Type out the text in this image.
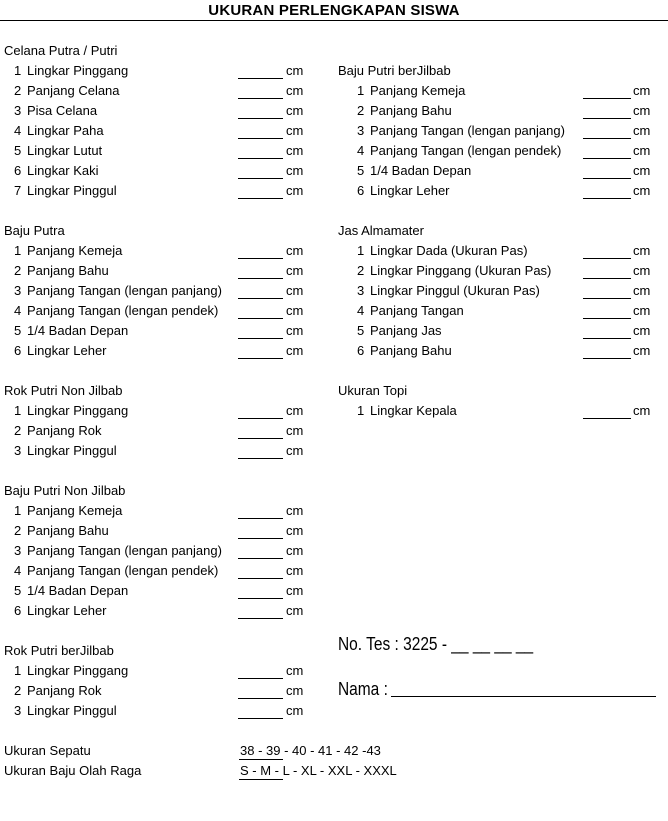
UKURAN PERLENGKAPAN SISWA
Celana Putra / Putri
1 Lingkar Pinggang	cm
2 Panjang Celana	cm
3 Pisa Celana	cm
4 Lingkar Paha	cm
5 Lingkar Lutut	cm
6 Lingkar Kaki	cm
7 Lingkar Pinggul	cm
Baju Putra
1 Panjang Kemeja	cm
2 Panjang Bahu	cm
3 Panjang Tangan (lengan panjang)	cm
4 Panjang Tangan (lengan pendek)	cm
5 1/4 Badan Depan	cm
6 Lingkar Leher	cm
Rok Putri Non Jilbab
1 Lingkar Pinggang	cm
2 Panjang Rok	cm
3 Lingkar Pinggul	cm
Baju Putri Non Jilbab
1 Panjang Kemeja	cm
2 Panjang Bahu	cm
3 Panjang Tangan (lengan panjang)	cm
4 Panjang Tangan (lengan pendek)	cm
5 1/4 Badan Depan	cm
6 Lingkar Leher	cm
Rok Putri berJilbab
1 Lingkar Pinggang	cm
2 Panjang Rok	cm
3 Lingkar Pinggul	cm
Baju Putri berJilbab
1 Panjang Kemeja	cm
2 Panjang Bahu	cm
3 Panjang Tangan (lengan panjang)	cm
4 Panjang Tangan (lengan pendek)	cm
5 1/4 Badan Depan	cm
6 Lingkar Leher	cm
Jas Almamater
1 Lingkar Dada (Ukuran Pas)	cm
2 Lingkar Pinggang (Ukuran Pas)	cm
3 Lingkar Pinggul (Ukuran Pas)	cm
4 Panjang Tangan	cm
5 Panjang Jas	cm
6 Panjang Bahu	cm
Ukuran Topi
1 Lingkar Kepala	cm
No. Tes : 3225 - __ __ __ __
Nama :
Ukuran Sepatu	38 - 39 - 40 - 41 - 42 -43
Ukuran Baju Olah Raga	S - M - L - XL - XXL - XXXL
